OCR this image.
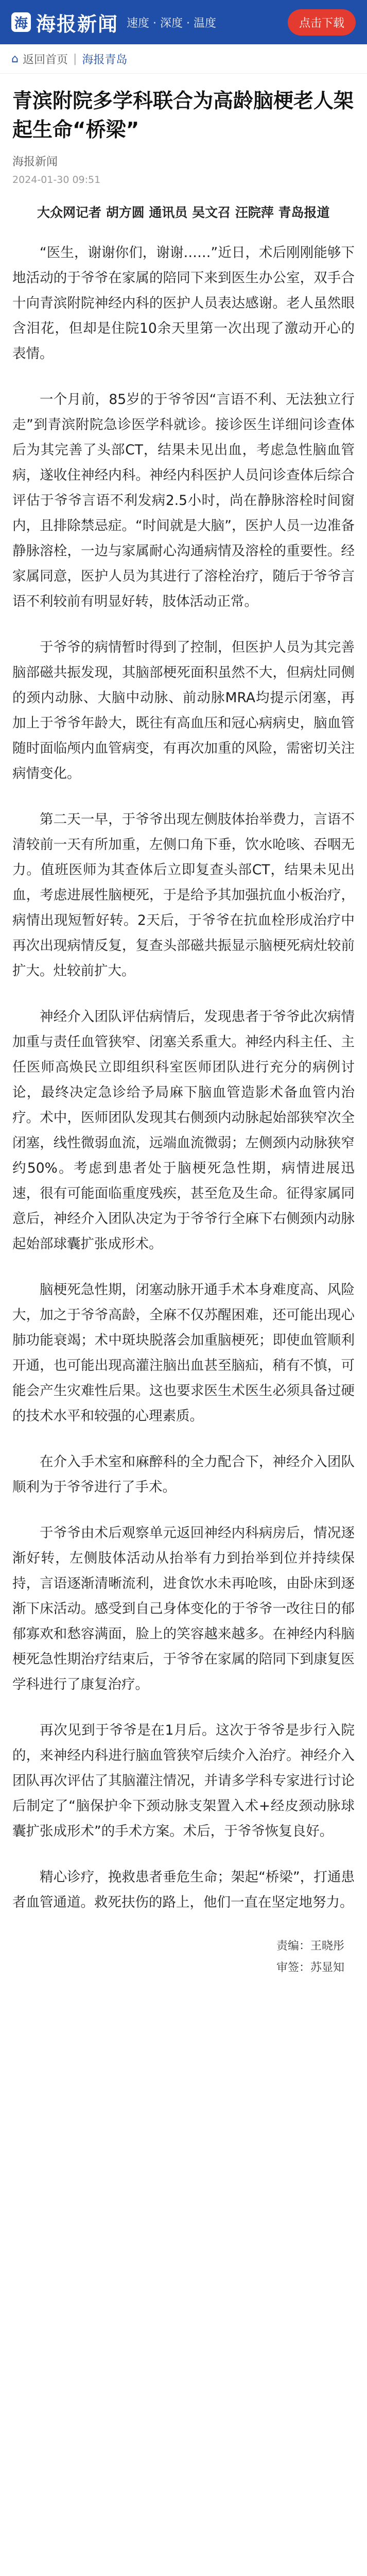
海 海报新闻 速度 · 深度 · 温度	点击下载
⌂ 返回首页 | 海报青岛
青滨附院多学科联合为高龄脑梗老人架起生命“桥梁”
海报新闻
2024-01-30 09:51

大众网记者 胡方圆 通讯员 吴文召 汪院萍 青岛报道

“医生，谢谢你们，谢谢……”近日，术后刚刚能够下地活动的于爷爷在家属的陪同下来到医生办公室，双手合十向青滨附院神经内科的医护人员表达感谢。老人虽然眼含泪花，但却是住院10余天里第一次出现了激动开心的表情。

一个月前，85岁的于爷爷因“言语不利、无法独立行走”到青滨附院急诊医学科就诊。接诊医生详细问诊查体后为其完善了头部CT，结果未见出血，考虑急性脑血管病，遂收住神经内科。神经内科医护人员问诊查体后综合评估于爷爷言语不利发病2.5小时，尚在静脉溶栓时间窗内，且排除禁忌症。“时间就是大脑”，医护人员一边准备静脉溶栓，一边与家属耐心沟通病情及溶栓的重要性。经家属同意，医护人员为其进行了溶栓治疗，随后于爷爷言语不利较前有明显好转，肢体活动正常。

于爷爷的病情暂时得到了控制，但医护人员为其完善脑部磁共振发现，其脑部梗死面积虽然不大，但病灶同侧的颈内动脉、大脑中动脉、前动脉MRA均提示闭塞，再加上于爷爷年龄大，既往有高血压和冠心病病史，脑血管随时面临颅内血管病变，有再次加重的风险，需密切关注病情变化。

第二天一早，于爷爷出现左侧肢体抬举费力，言语不清较前一天有所加重，左侧口角下垂，饮水呛咳、吞咽无力。值班医师为其查体后立即复查头部CT，结果未见出血，考虑进展性脑梗死，于是给予其加强抗血小板治疗，病情出现短暂好转。2天后，于爷爷在抗血栓形成治疗中再次出现病情反复，复查头部磁共振显示脑梗死病灶较前扩大。灶较前扩大。

神经介入团队评估病情后，发现患者于爷爷此次病情加重与责任血管狭窄、闭塞关系重大。神经内科主任、主任医师高焕民立即组织科室医师团队进行充分的病例讨论，最终决定急诊给予局麻下脑血管造影术备血管内治疗。术中，医师团队发现其右侧颈内动脉起始部狭窄次全闭塞，线性微弱血流，远端血流微弱；左侧颈内动脉狭窄约50%。考虑到患者处于脑梗死急性期，病情进展迅速，很有可能面临重度残疾，甚至危及生命。征得家属同意后，神经介入团队决定为于爷爷行全麻下右侧颈内动脉起始部球囊扩张成形术。

脑梗死急性期，闭塞动脉开通手术本身难度高、风险大，加之于爷爷高龄，全麻不仅苏醒困难，还可能出现心肺功能衰竭；术中斑块脱落会加重脑梗死；即使血管顺利开通，也可能出现高灌注脑出血甚至脑疝，稍有不慎，可能会产生灾难性后果。这也要求医生术医生必须具备过硬的技术水平和较强的心理素质。

在介入手术室和麻醉科的全力配合下，神经介入团队顺利为于爷爷进行了手术。

于爷爷由术后观察单元返回神经内科病房后，情况逐渐好转，左侧肢体活动从抬举有力到抬举到位并持续保持，言语逐渐清晰流利，进食饮水未再呛咳，由卧床到逐渐下床活动。感受到自己身体变化的于爷爷一改往日的郁郁寡欢和愁容满面，脸上的笑容越来越多。在神经内科脑梗死急性期治疗结束后，于爷爷在家属的陪同下到康复医学科进行了康复治疗。

再次见到于爷爷是在1月后。这次于爷爷是步行入院的，来神经内科进行脑血管狭窄后续介入治疗。神经介入团队再次评估了其脑灌注情况，并请多学科专家进行讨论后制定了“脑保护伞下颈动脉支架置入术+经皮颈动脉球囊扩张成形术”的手术方案。术后，于爷爷恢复良好。

精心诊疗，挽救患者垂危生命；架起“桥梁”，打通患者血管通道。救死扶伤的路上，他们一直在坚定地努力。

责编：王晓彤
审签：苏显知
